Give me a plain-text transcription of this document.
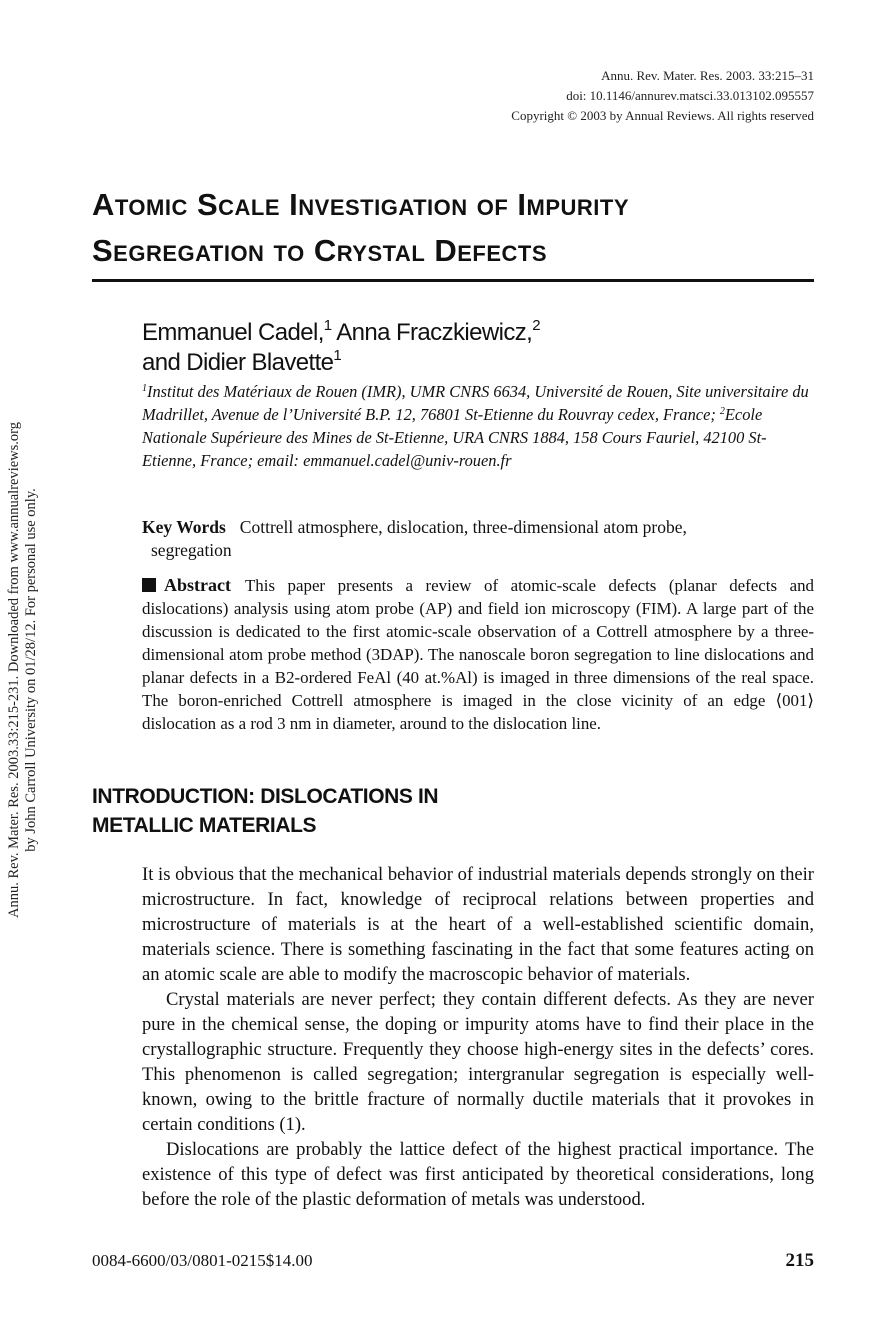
Annu. Rev. Mater. Res. 2003. 33:215–31
doi: 10.1146/annurev.matsci.33.013102.095557
Copyright © 2003 by Annual Reviews. All rights reserved
Atomic Scale Investigation of Impurity
Segregation to Crystal Defects
Emmanuel Cadel,$^1$ Anna Fraczkiewicz,$^2$
and Didier Blavette$^1$
$^1$Institut des Matériaux de Rouen (IMR), UMR CNRS 6634, Université de Rouen, Site universitaire du Madrillet, Avenue de l’Université B.P. 12, 76801 St-Etienne du Rouvray cedex, France; $^2$Ecole Nationale Supérieure des Mines de St-Etienne, URA CNRS 1884, 158 Cours Fauriel, 42100 St-Etienne, France; email: emmanuel.cadel@univ-rouen.fr
Key Words Cottrell atmosphere, dislocation, three-dimensional atom probe,
segregation
Abstract This paper presents a review of atomic-scale defects (planar defects and dislocations) analysis using atom probe (AP) and field ion microscopy (FIM). A large part of the discussion is dedicated to the first atomic-scale observation of a Cottrell atmosphere by a three-dimensional atom probe method (3DAP). The nanoscale boron segregation to line dislocations and planar defects in a B2-ordered FeAl (40 at.%Al) is imaged in three dimensions of the real space. The boron-enriched Cottrell atmosphere is imaged in the close vicinity of an edge ⟨001⟩ dislocation as a rod 3 nm in diameter, around to the dislocation line.
INTRODUCTION: DISLOCATIONS IN
METALLIC MATERIALS

It is obvious that the mechanical behavior of industrial materials depends strongly on their microstructure. In fact, knowledge of reciprocal relations between properties and microstructure of materials is at the heart of a well-established scientific domain, materials science. There is something fascinating in the fact that some features acting on an atomic scale are able to modify the macroscopic behavior of materials.

Crystal materials are never perfect; they contain different defects. As they are never pure in the chemical sense, the doping or impurity atoms have to find their place in the crystallographic structure. Frequently they choose high-energy sites in the defects’ cores. This phenomenon is called segregation; intergranular segregation is especially well-known, owing to the brittle fracture of normally ductile materials that it provokes in certain conditions (1).

Dislocations are probably the lattice defect of the highest practical importance. The existence of this type of defect was first anticipated by theoretical considerations, long before the role of the plastic deformation of metals was understood.

0084-6600/03/0801-0215$14.00	215
Annu. Rev. Mater. Res. 2003.33:215-231. Downloaded from www.annualreviews.org by John Carroll University on 01/28/12. For personal use only.
